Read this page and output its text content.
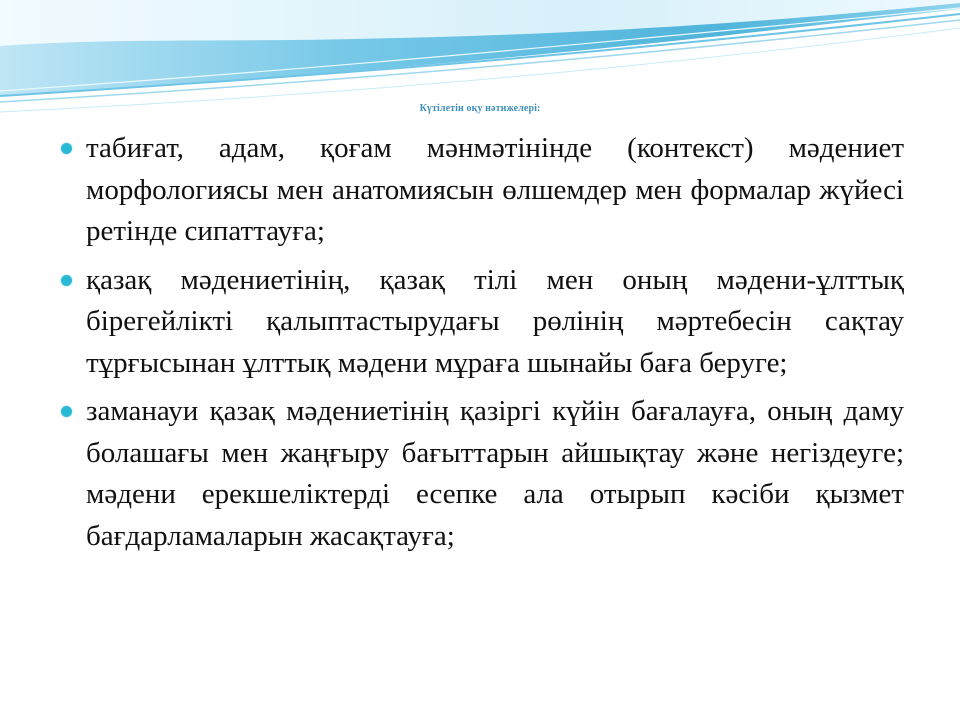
Күтілетін оқу нәтижелері:
табиғат, адам, қоғам мәнмәтінінде (контекст) мәдениет морфологиясы мен анатомиясын өлшемдер мен формалар жүйесі ретінде сипаттауға;
қазақ мәдениетінің, қазақ тілі мен оның мәдени-ұлттық бірегейлікті қалыптастырудағы рөлінің мәртебесін сақтау тұрғысынан ұлттық мәдени мұраға шынайы баға беруге;
заманауи қазақ мәдениетінің қазіргі күйін бағалауға, оның даму болашағы мен жаңғыру бағыттарын айшықтау және негіздеуге; мәдени ерекшеліктерді есепке ала отырып кәсіби қызмет бағдарламаларын жасақтауға;
